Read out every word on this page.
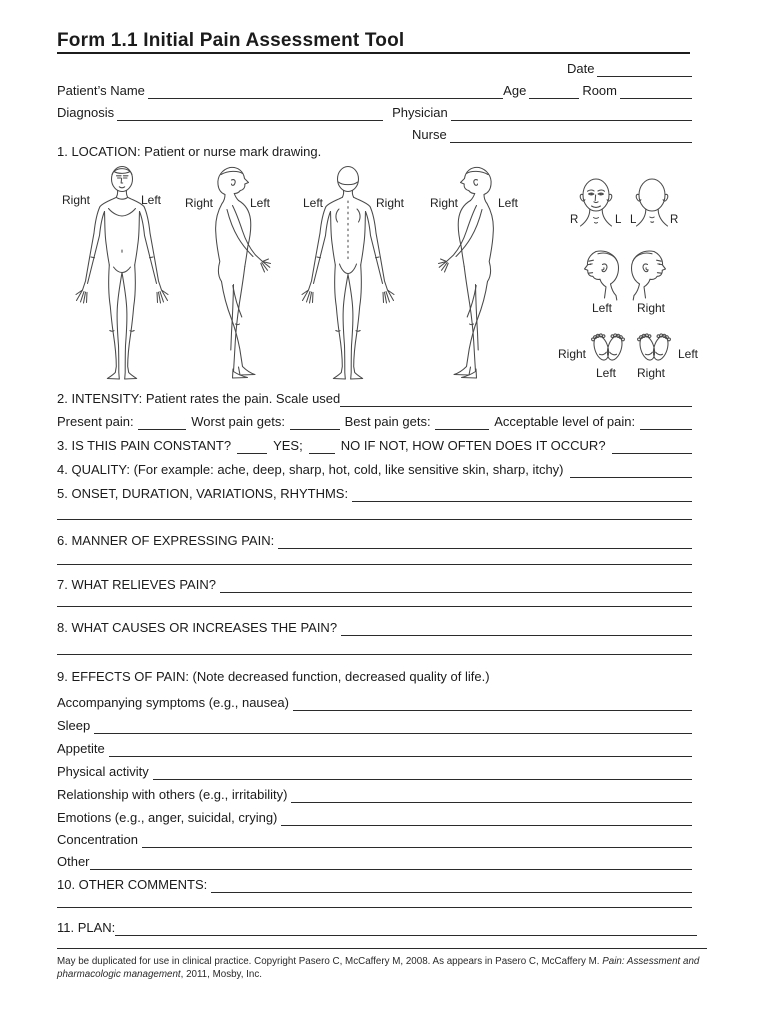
Form 1.1 Initial Pain Assessment Tool
Date
Patient’s Name	Age	Room
Diagnosis	Physician
Nurse
1. LOCATION: Patient or nurse mark drawing.
Right	Left Right	Left	Left	Right Right	Left
R	L L	R
Left Right
Right	Left
Left Right
2. INTENSITY: Patient rates the pain. Scale used
Present pain:	Worst pain gets:	Best pain gets:	Acceptable level of pain:
3. IS THIS PAIN CONSTANT?	YES;	NO IF NOT, HOW OFTEN DOES IT OCCUR?
4. QUALITY: (For example: ache, deep, sharp, hot, cold, like sensitive skin, sharp, itchy)
5. ONSET, DURATION, VARIATIONS, RHYTHMS:
6. MANNER OF EXPRESSING PAIN:
7. WHAT RELIEVES PAIN?
8. WHAT CAUSES OR INCREASES THE PAIN?
9. EFFECTS OF PAIN: (Note decreased function, decreased quality of life.)
Accompanying symptoms (e.g., nausea)
Sleep
Appetite
Physical activity
Relationship with others (e.g., irritability)
Emotions (e.g., anger, suicidal, crying)
Concentration
Other
10. OTHER COMMENTS:
11. PLAN:
May be duplicated for use in clinical practice. Copyright Pasero C, McCaffery M, 2008. As appears in Pasero C, McCaffery M. Pain: Assessment and pharmacologic management, 2011, Mosby, Inc.
